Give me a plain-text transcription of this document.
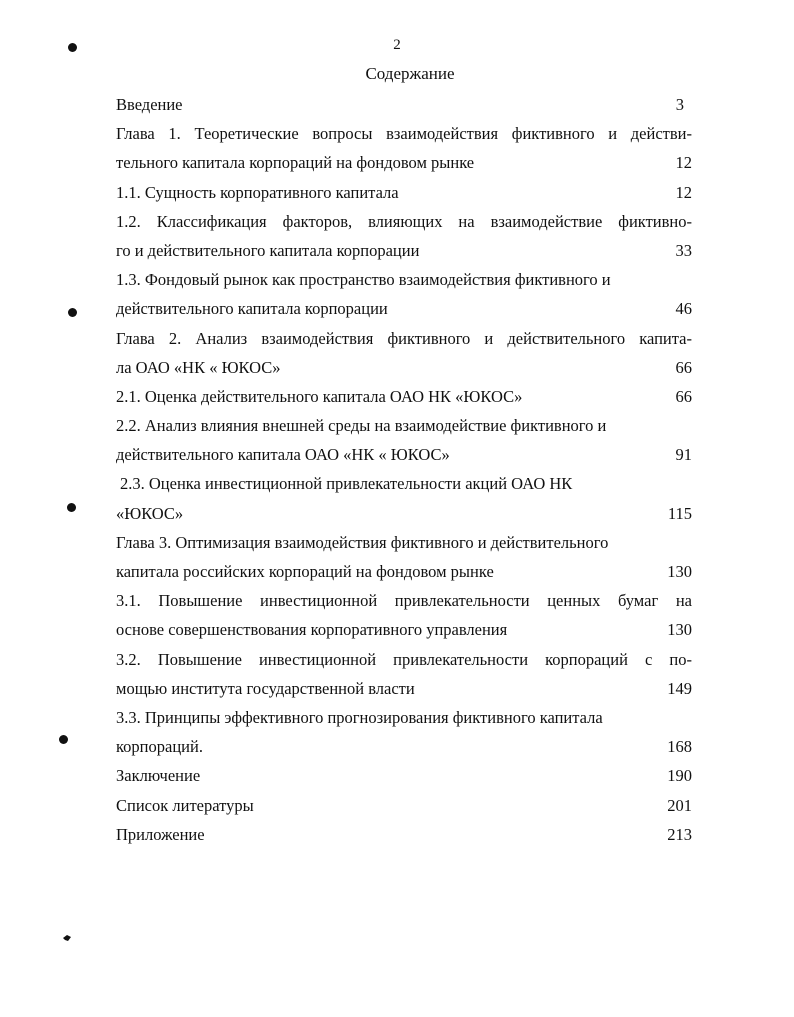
2
Содержание
Введение	3
Глава 1. Теоретические вопросы взаимодействия фиктивного и действи-
тельного капитала корпораций на фондовом рынке	12
1.1. Сущность корпоративного капитала	12
1.2. Классификация факторов, влияющих на взаимодействие фиктивно-
го и действительного капитала корпорации	33
1.3. Фондовый рынок как пространство взаимодействия фиктивного и
действительного капитала корпорации	46
Глава 2. Анализ взаимодействия фиктивного и действительного капита-
ла ОАО «НК « ЮКОС»	66
2.1. Оценка действительного капитала ОАО НК «ЮКОС»	66
2.2. Анализ влияния внешней среды на взаимодействие фиктивного и
действительного капитала ОАО «НК « ЮКОС»	91
2.3. Оценка инвестиционной привлекательности акций ОАО НК
«ЮКОС»	115
Глава 3. Оптимизация взаимодействия фиктивного и действительного
капитала российских корпораций на фондовом рынке	130
3.1. Повышение инвестиционной привлекательности ценных бумаг на
основе совершенствования корпоративного управления	130
3.2. Повышение инвестиционной привлекательности корпораций с по-
мощью института государственной власти	149
3.3. Принципы эффективного прогнозирования фиктивного капитала
корпораций.	168
Заключение	190
Список литературы	201
Приложение	213
